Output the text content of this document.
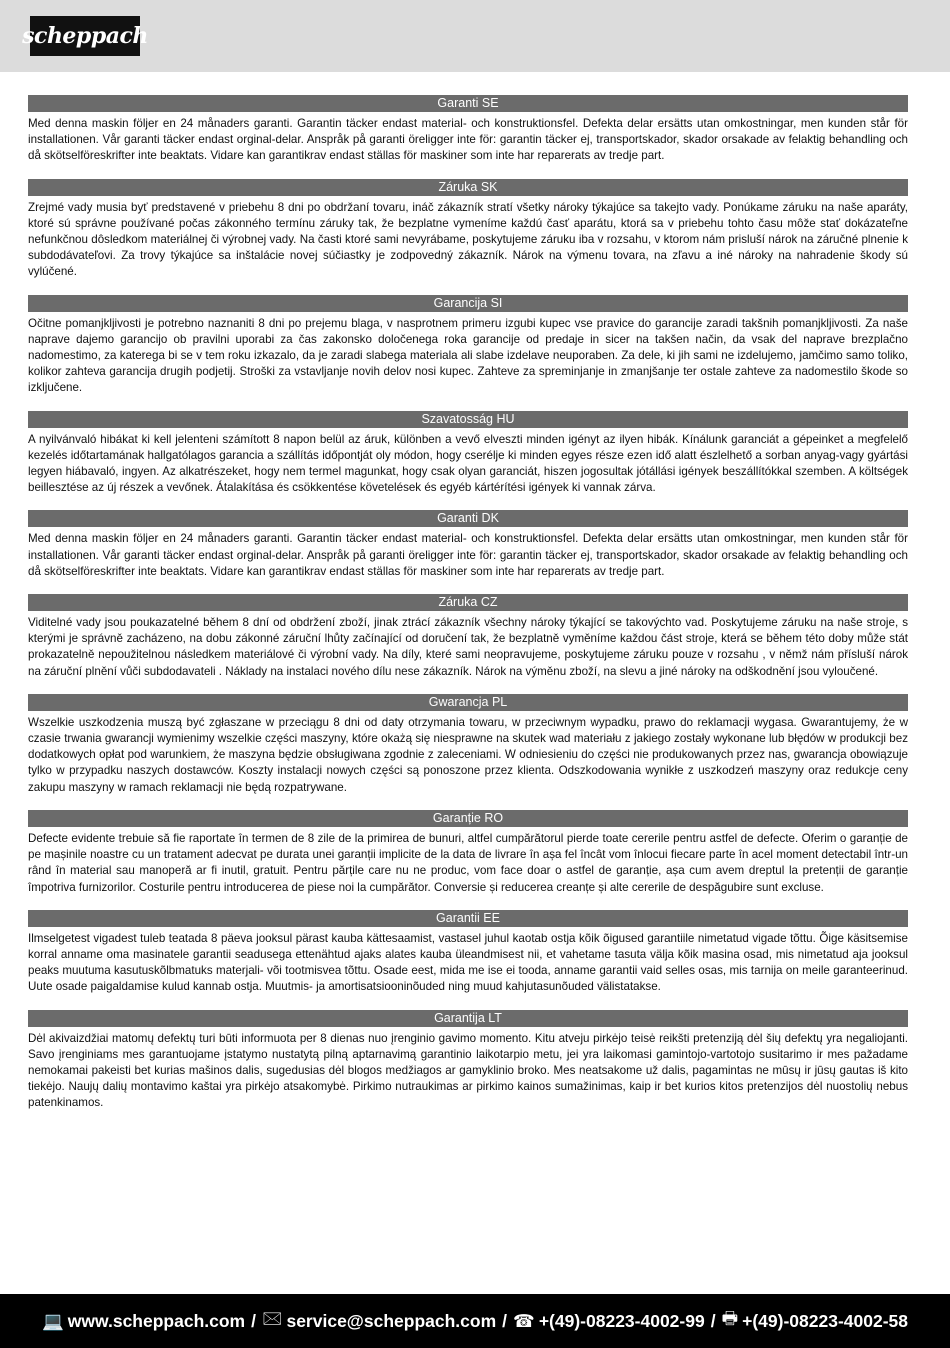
scheppach
Garanti SE

Med denna maskin följer en 24 månaders garanti. Garantin täcker endast material- och konstruktionsfel. Defekta delar ersätts utan omkostningar, men kunden står för installationen. Vår garanti täcker endast orginal-delar. Anspråk på garanti öreligger inte för: garantin täcker ej, transportskador, skador orsakade av felaktig behandling och då skötselföreskrifter inte beaktats. Vidare kan garantikrav endast ställas för maskiner som inte har reparerats av tredje part.

Záruka SK

Zrejmé vady musia byť predstavené v priebehu 8 dni po obdržaní tovaru, ináč zákazník stratí všetky nároky týkajúce sa takejto vady. Ponúkame záruku na naše aparáty, ktoré sú správne používané počas zákonného termínu záruky tak, že bezplatne vymeníme každú časť aparátu, ktorá sa v priebehu tohto času môže stať dokázateľne nefunkčnou dôsledkom materiálnej či výrobnej vady. Na časti ktoré sami nevyrábame, poskytujeme záruku iba v rozsahu, v ktorom nám prisluší nárok na záručné plnenie k subdodávateľovi. Za trovy týkajúce sa inštalácie novej súčiastky je zodpovedný zákazník. Nárok na výmenu tovara, na zľavu a iné nároky na nahradenie škody sú vylúčené.

Garancija SI

Očitne pomanjkljivosti je potrebno naznaniti 8 dni po prejemu blaga, v nasprotnem primeru izgubi kupec vse pravice do garancije zaradi takšnih pomanjkljivosti. Za naše naprave dajemo garancijo ob pravilni uporabi za čas zakonsko določenega roka garancije od predaje in sicer na takšen način, da vsak del naprave brezplačno nadomestimo, za katerega bi se v tem roku izkazalo, da je zaradi slabega materiala ali slabe izdelave neuporaben. Za dele, ki jih sami ne izdelujemo, jamčimo samo toliko, kolikor zahteva garancija drugih podjetij. Stroški za vstavljanje novih delov nosi kupec. Zahteve za spreminjanje in zmanjšanje ter ostale zahteve za nadomestilo škode so izključene.

Szavatosság HU

A nyilvánvaló hibákat ki kell jelenteni számított 8 napon belül az áruk, különben a vevő elveszti minden igényt az ilyen hibák. Kínálunk garanciát a gépeinket a megfelelő kezelés időtartamának hallgatólagos garancia a szállítás időpontját oly módon, hogy cserélje ki minden egyes része ezen idő alatt észlelhető a sorban anyag-vagy gyártási legyen hiábavaló, ingyen. Az alkatrészeket, hogy nem termel magunkat, hogy csak olyan garanciát, hiszen jogosultak jótállási igények beszállítókkal szemben. A költségek beillesztése az új részek a vevőnek. Átalakítása és csökkentése követelések és egyéb kártérítési igények ki vannak zárva.

Garanti DK

Med denna maskin följer en 24 månaders garanti. Garantin täcker endast material- och konstruktionsfel. Defekta delar ersätts utan omkostningar, men kunden står för installationen. Vår garanti täcker endast orginal-delar. Anspråk på garanti öreligger inte för: garantin täcker ej, transportskador, skador orsakade av felaktig behandling och då skötselföreskrifter inte beaktats. Vidare kan garantikrav endast ställas för maskiner som inte har reparerats av tredje part.

Záruka CZ

Viditelné vady jsou poukazatelné během 8 dní od obdržení zboží, jinak ztrácí zákazník všechny nároky týkající se takovýchto vad. Poskytujeme záruku na naše stroje, s kterými je správně zacházeno, na dobu zákonné záruční lhůty začínající od doručení tak, že bezplatně vyměníme každou část stroje, která se během této doby může stát prokazatelně nepoužitelnou následkem materiálové či výrobní vady. Na díly, které sami neopravujeme, poskytujeme záruku pouze v rozsahu , v němž nám přísluší nárok na záruční plnění vůči subdodavateli . Náklady na instalaci nového dílu nese zákazník. Nárok na výměnu zboží, na slevu a jiné nároky na odškodnění jsou vyloučené.

Gwarancja PL

Wszelkie uszkodzenia muszą być zgłaszane w przeciągu 8 dni od daty otrzymania towaru, w przeciwnym wypadku, prawo do reklamacji wygasa. Gwarantujemy, że w czasie trwania gwarancji wymienimy wszelkie części maszyny, które okażą się niesprawne na skutek wad materiału z jakiego zostały wykonane lub błędów w produkcji bez dodatkowych opłat pod warunkiem, że maszyna będzie obsługiwana zgodnie z zaleceniami. W odniesieniu do części nie produkowanych przez nas, gwarancja obowiązuje tylko w przypadku naszych dostawców. Koszty instalacji nowych części są ponoszone przez klienta. Odszkodowania wynikłe z uszkodzeń maszyny oraz redukcje ceny zakupu maszyny w ramach reklamacji nie będą rozpatrywane.

Garanție RO

Defecte evidente trebuie să fie raportate în termen de 8 zile de la primirea de bunuri, altfel cumpărătorul pierde toate cererile pentru astfel de defecte. Oferim o garanție de pe mașinile noastre cu un tratament adecvat pe durata unei garanții implicite de la data de livrare în așa fel încât vom înlocui fiecare parte în acel moment detectabil într-un rând în material sau manoperă ar fi inutil, gratuit. Pentru părțile care nu ne produc, vom face doar o astfel de garanție, așa cum avem dreptul la pretenții de garanție împotriva furnizorilor. Costurile pentru introducerea de piese noi la cumpărător. Conversie și reducerea creanțe și alte cererile de despăgubire sunt excluse.

Garantii EE

Ilmselgetest vigadest tuleb teatada 8 päeva jooksul pärast kauba kättesaamist, vastasel juhul kaotab ostja kõik õigused garantiile nimetatud vigade tõttu. Õige käsitsemise korral anname oma masinatele garantii seadusega ettenähtud ajaks alates kauba üleandmisest nii, et vahetame tasuta välja kõik masina osad, mis nimetatud aja jooksul peaks muutuma kasutuskõlbmatuks materjali- või tootmisvea tõttu. Osade eest, mida me ise ei tooda, anname garantii vaid selles osas, mis tarnija on meile garanteerinud. Uute osade paigaldamise kulud kannab ostja. Muutmis- ja amortisatsiooninõuded ning muud kahjutasunõuded välistatakse.

Garantija LT

Dėl akivaizdžiai matomų defektų turi būti informuota per 8 dienas nuo įrenginio gavimo momento. Kitu atveju pirkėjo teisė reikšti pretenziją dėl šių defektų yra negaliojanti. Savo įrenginiams mes garantuojame įstatymo nustatytą pilną aptarnavimą garantinio laikotarpio metu, jei yra laikomasi gamintojo-vartotojo susitarimo ir mes pažadame nemokamai pakeisti bet kurias mašinos dalis, sugedusias dėl blogos medžiagos ar gamyklinio broko. Mes neatsakome už dalis, pagamintas ne mūsų ir jūsų gautas iš kito tiekėjo. Naujų dalių montavimo kaštai yra pirkėjo atsakomybė. Pirkimo nutraukimas ar pirkimo kainos sumažinimas, kaip ir bet kurios kitos pretenzijos dėl nuostolių nebus patenkinamos.

💻 www.scheppach.com / 🖂 service@scheppach.com / ☎ +(49)-08223-4002-99 / 🖶 +(49)-08223-4002-58
